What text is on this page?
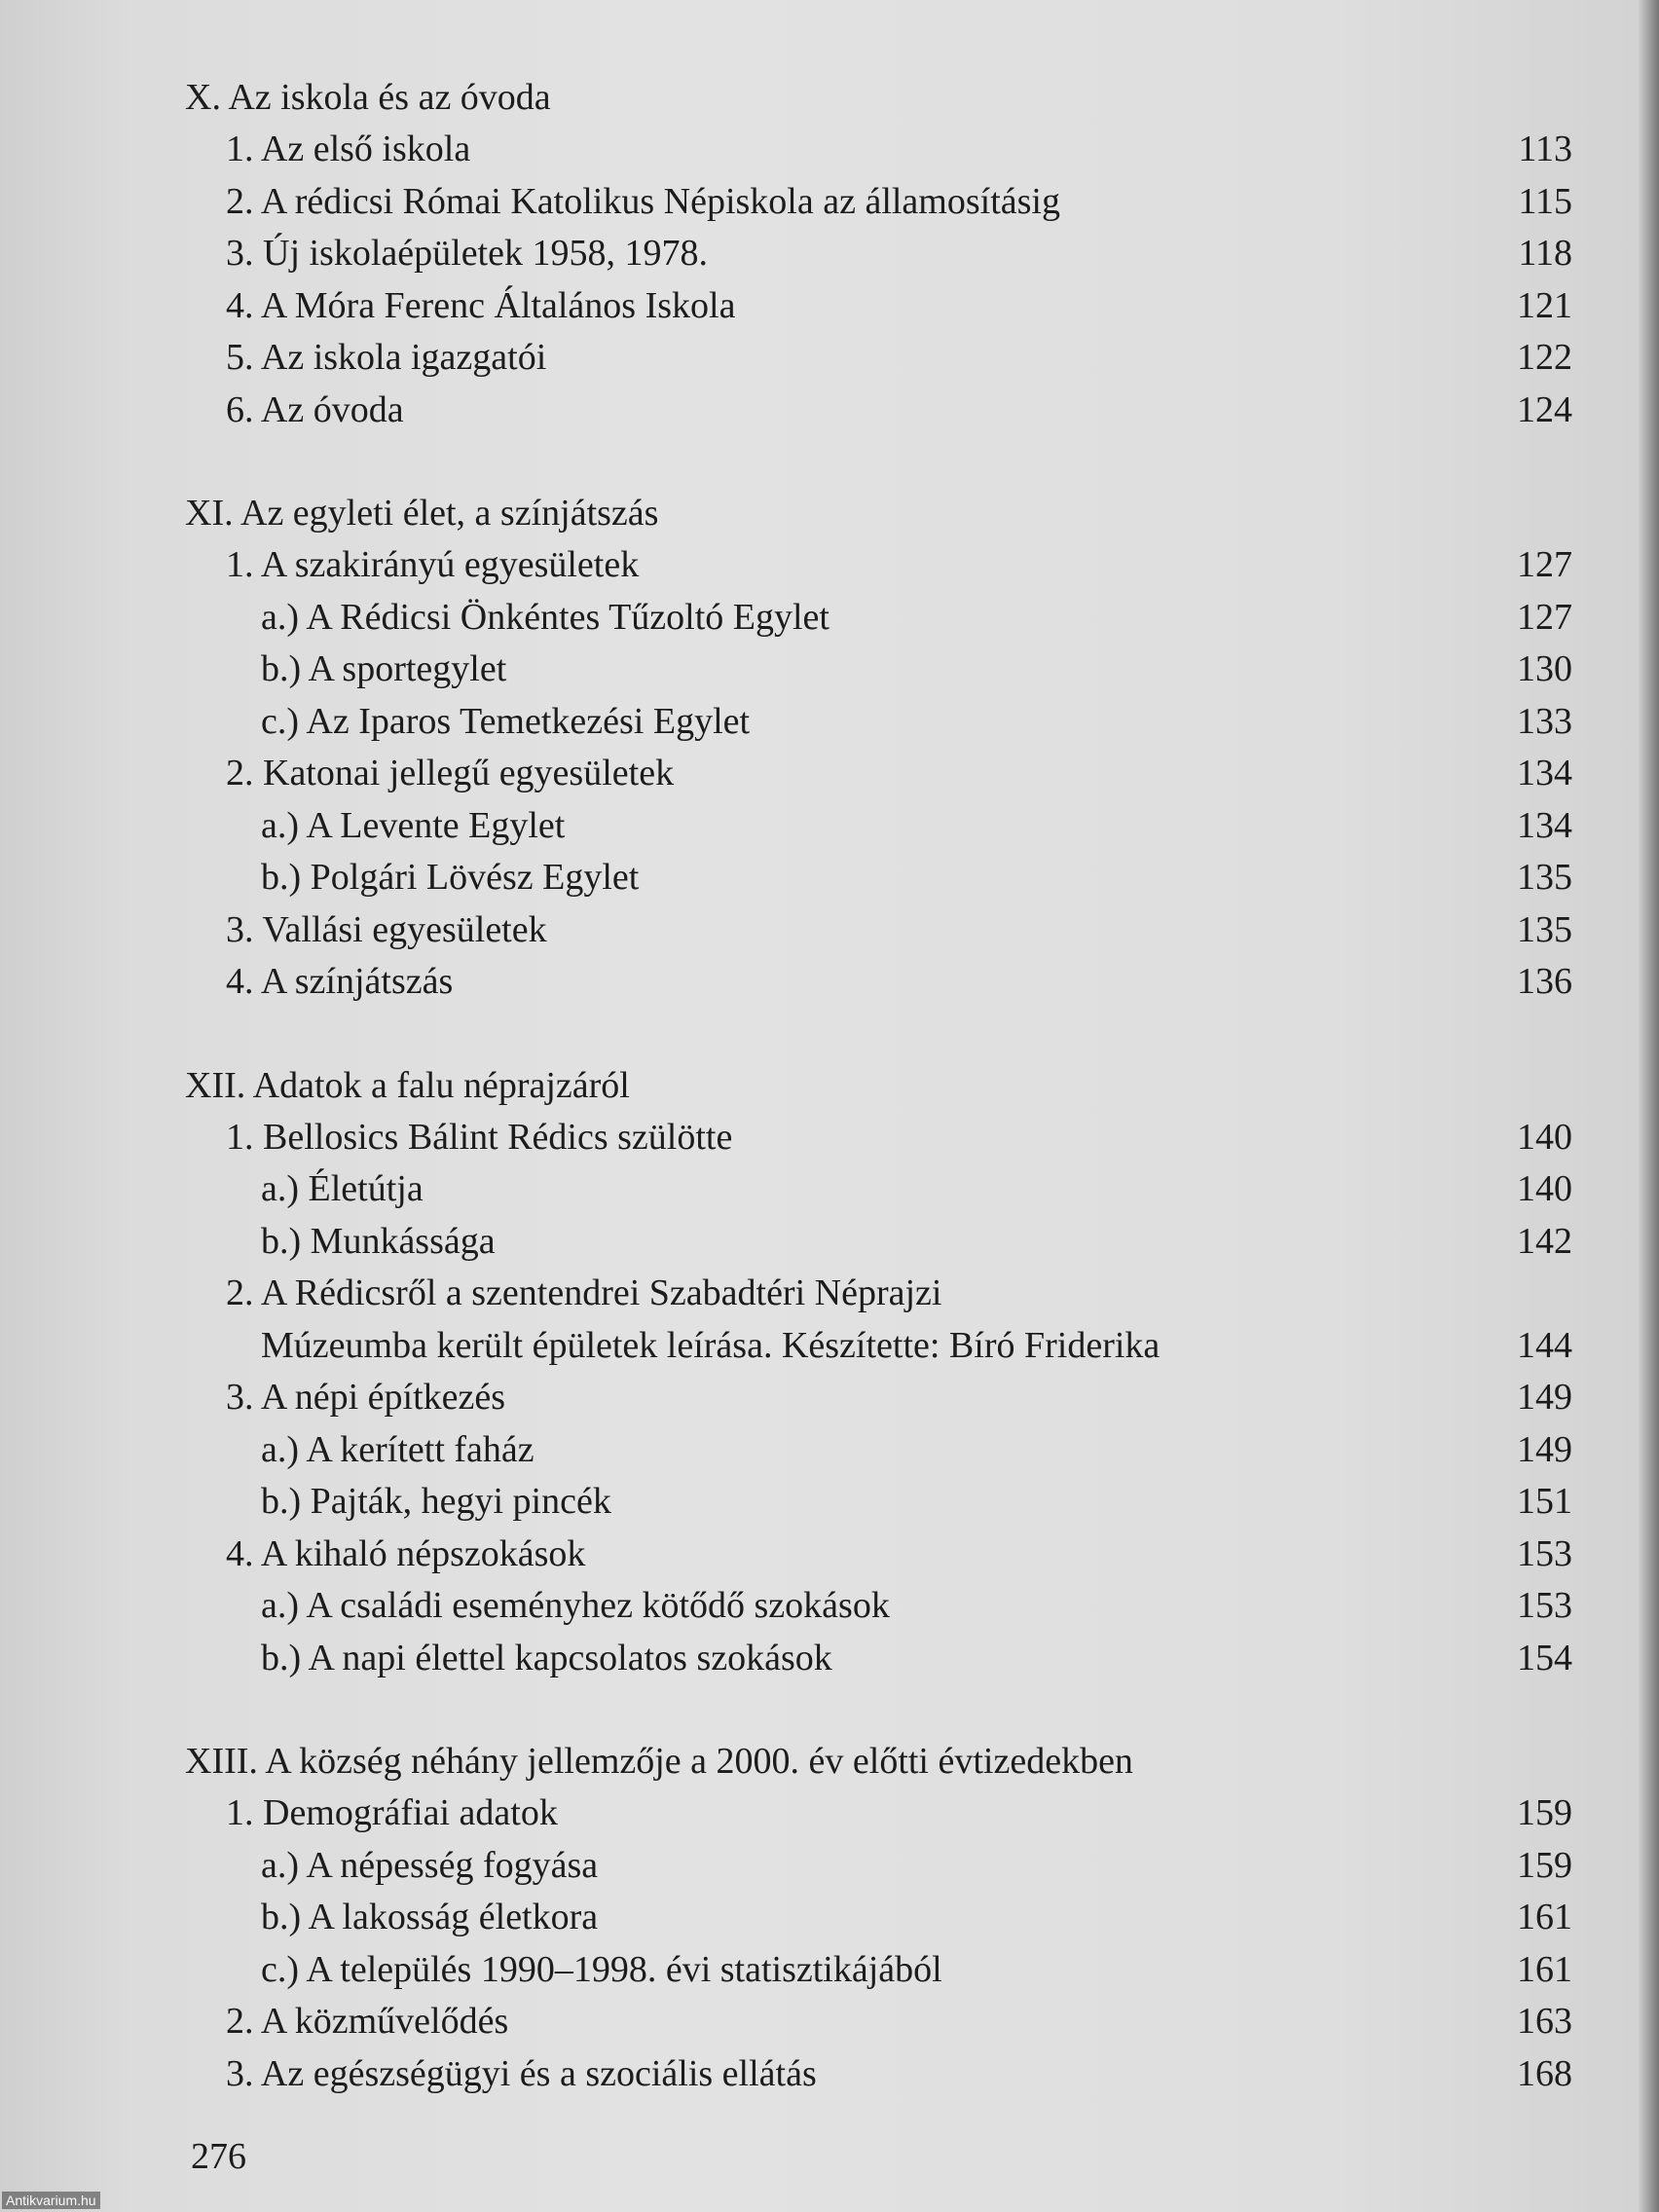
X. Az iskola és az óvoda
1. Az első iskola	113
2. A rédicsi Római Katolikus Népiskola az államosításig	115
3. Új iskolaépületek 1958, 1978.	118
4. A Móra Ferenc Általános Iskola	121
5. Az iskola igazgatói	122
6. Az óvoda	124
XI. Az egyleti élet, a színjátszás
1. A szakirányú egyesületek	127
a.) A Rédicsi Önkéntes Tűzoltó Egylet	127
b.) A sportegylet	130
c.) Az Iparos Temetkezési Egylet	133
2. Katonai jellegű egyesületek	134
a.) A Levente Egylet	134
b.) Polgári Lövész Egylet	135
3. Vallási egyesületek	135
4. A színjátszás	136
XII. Adatok a falu néprajzáról
1. Bellosics Bálint Rédics szülötte	140
a.) Életútja	140
b.) Munkássága	142
2. A Rédicsről a szentendrei Szabadtéri Néprajzi
Múzeumba került épületek leírása. Készítette: Bíró Friderika	144
3. A népi építkezés	149
a.) A kerített faház	149
b.) Pajták, hegyi pincék	151
4. A kihaló népszokások	153
a.) A családi eseményhez kötődő szokások	153
b.) A napi élettel kapcsolatos szokások	154
XIII. A község néhány jellemzője a 2000. év előtti évtizedekben
1. Demográfiai adatok	159
a.) A népesség fogyása	159
b.) A lakosság életkora	161
c.) A település 1990–1998. évi statisztikájából	161
2. A közművelődés	163
3. Az egészségügyi és a szociális ellátás	168
276
Antikvarium.hu
